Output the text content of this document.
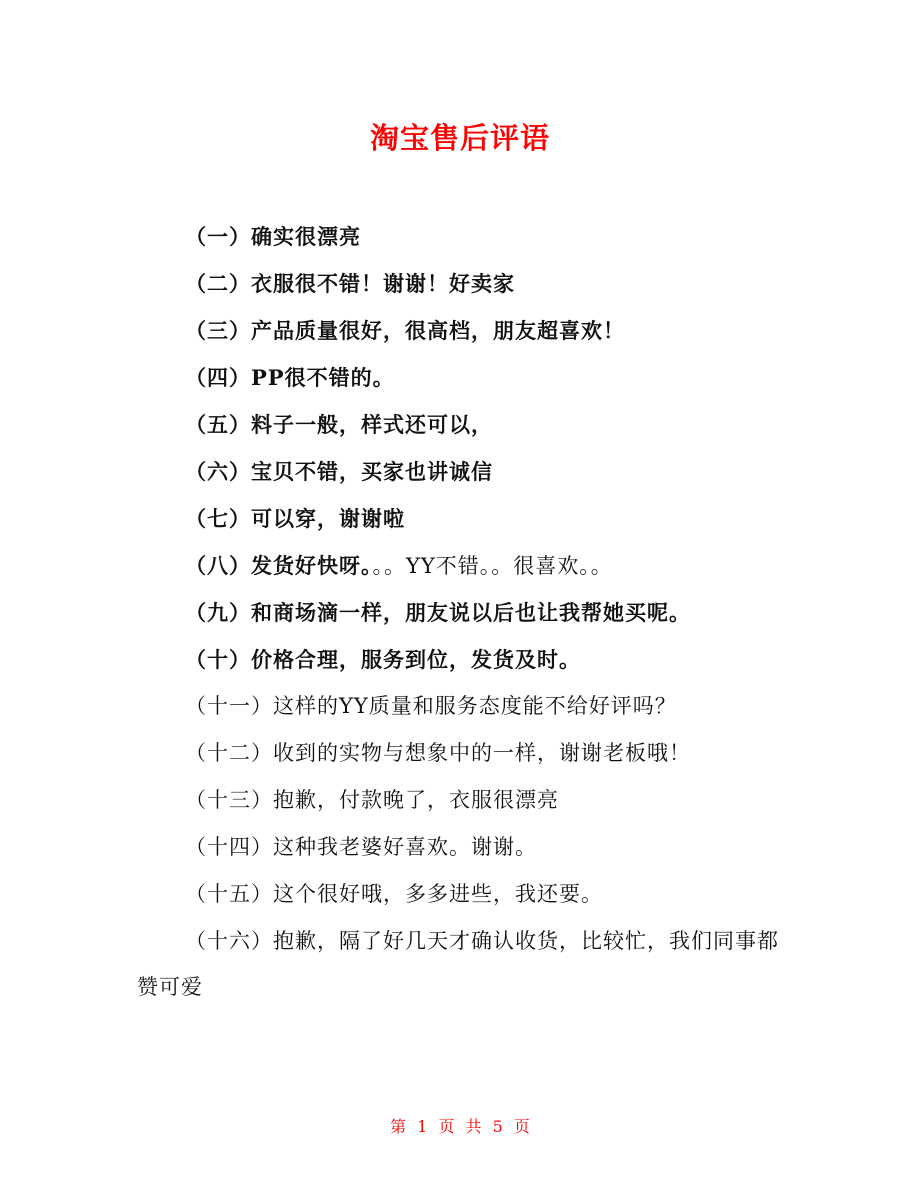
淘宝售后评语
（一）确实很漂亮
（二）衣服很不错！谢谢！好卖家
（三）产品质量很好，很高档，朋友超喜欢！
（四）PP很不错的。
（五）料子一般，样式还可以，
（六）宝贝不错，买家也讲诚信
（七）可以穿，谢谢啦
（八）发货好快呀。。。YY不错。。很喜欢。。
（九）和商场滴一样，朋友说以后也让我帮她买呢。
（十）价格合理，服务到位，发货及时。
（十一）这样的YY质量和服务态度能不给好评吗？
（十二）收到的实物与想象中的一样，谢谢老板哦！
（十三）抱歉，付款晚了，衣服很漂亮
（十四）这种我老婆好喜欢。谢谢。
（十五）这个很好哦，多多进些，我还要。
（十六）抱歉，隔了好几天才确认收货，比较忙，我们同事都赞可爱
第 1 页 共 5 页
